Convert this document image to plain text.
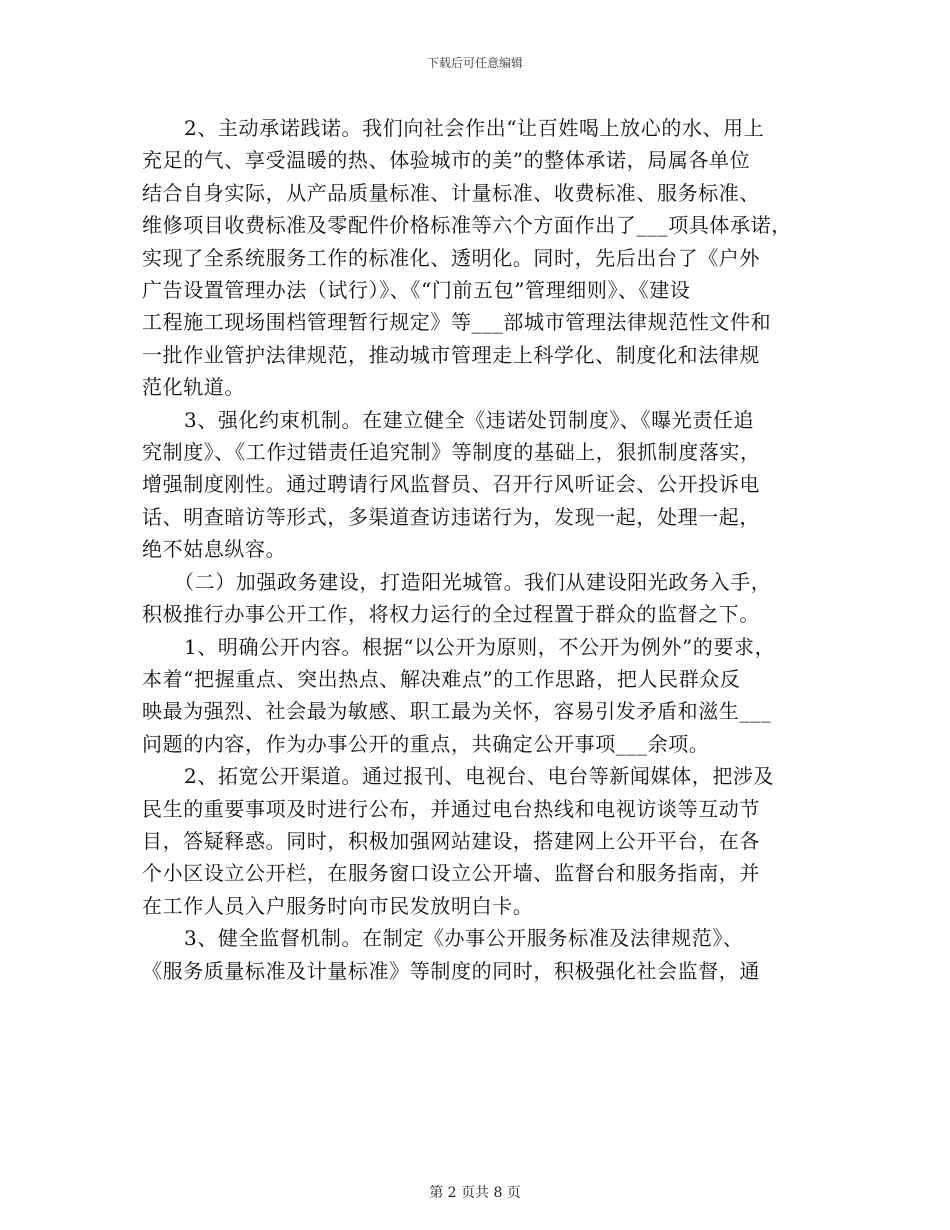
下载后可任意编辑
2、主动承诺践诺。我们向社会作出“让百姓喝上放心的水、用上
充足的气、享受温暖的热、体验城市的美”的整体承诺，局属各单位
结合自身实际，从产品质量标准、计量标准、收费标准、服务标准、
维修项目收费标准及零配件价格标准等六个方面作出了___项具体承诺，
实现了全系统服务工作的标准化、透明化。同时，先后出台了《户外
广告设置管理办法（试行）》、《“门前五包”管理细则》、《建设
工程施工现场围档管理暂行规定》等___部城市管理法律规范性文件和
一批作业管护法律规范，推动城市管理走上科学化、制度化和法律规
范化轨道。
3、强化约束机制。在建立健全《违诺处罚制度》、《曝光责任追
究制度》、《工作过错责任追究制》等制度的基础上，狠抓制度落实，
增强制度刚性。通过聘请行风监督员、召开行风听证会、公开投诉电
话、明查暗访等形式，多渠道查访违诺行为，发现一起，处理一起，
绝不姑息纵容。
（二）加强政务建设，打造阳光城管。我们从建设阳光政务入手，
积极推行办事公开工作，将权力运行的全过程置于群众的监督之下。
1、明确公开内容。根据“以公开为原则，不公开为例外”的要求，
本着“把握重点、突出热点、解决难点”的工作思路，把人民群众反
映最为强烈、社会最为敏感、职工最为关怀，容易引发矛盾和滋生___
问题的内容，作为办事公开的重点，共确定公开事项___余项。
2、拓宽公开渠道。通过报刊、电视台、电台等新闻媒体，把涉及
民生的重要事项及时进行公布，并通过电台热线和电视访谈等互动节
目，答疑释惑。同时，积极加强网站建设，搭建网上公开平台，在各
个小区设立公开栏，在服务窗口设立公开墙、监督台和服务指南，并
在工作人员入户服务时向市民发放明白卡。
3、健全监督机制。在制定《办事公开服务标准及法律规范》、
《服务质量标准及计量标准》等制度的同时，积极强化社会监督，通
第 2 页共 8 页
